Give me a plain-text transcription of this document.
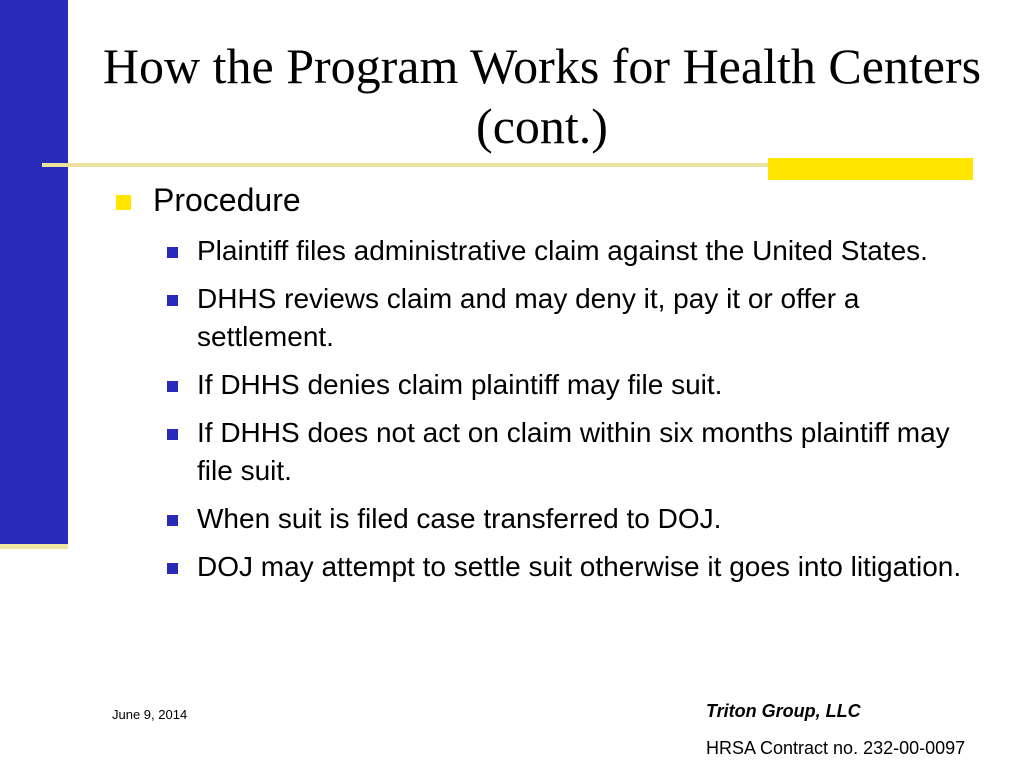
How the Program Works for Health Centers (cont.)
Procedure
Plaintiff files administrative claim against the United States.
DHHS reviews claim and may deny it, pay it or offer a settlement.
If DHHS denies claim plaintiff may file suit.
If DHHS does not act on claim within six months plaintiff may file suit.
When suit is filed case transferred to DOJ.
DOJ may attempt to settle suit otherwise it goes into litigation.
June 9, 2014	Triton Group, LLC
HRSA Contract no. 232-00-0097
